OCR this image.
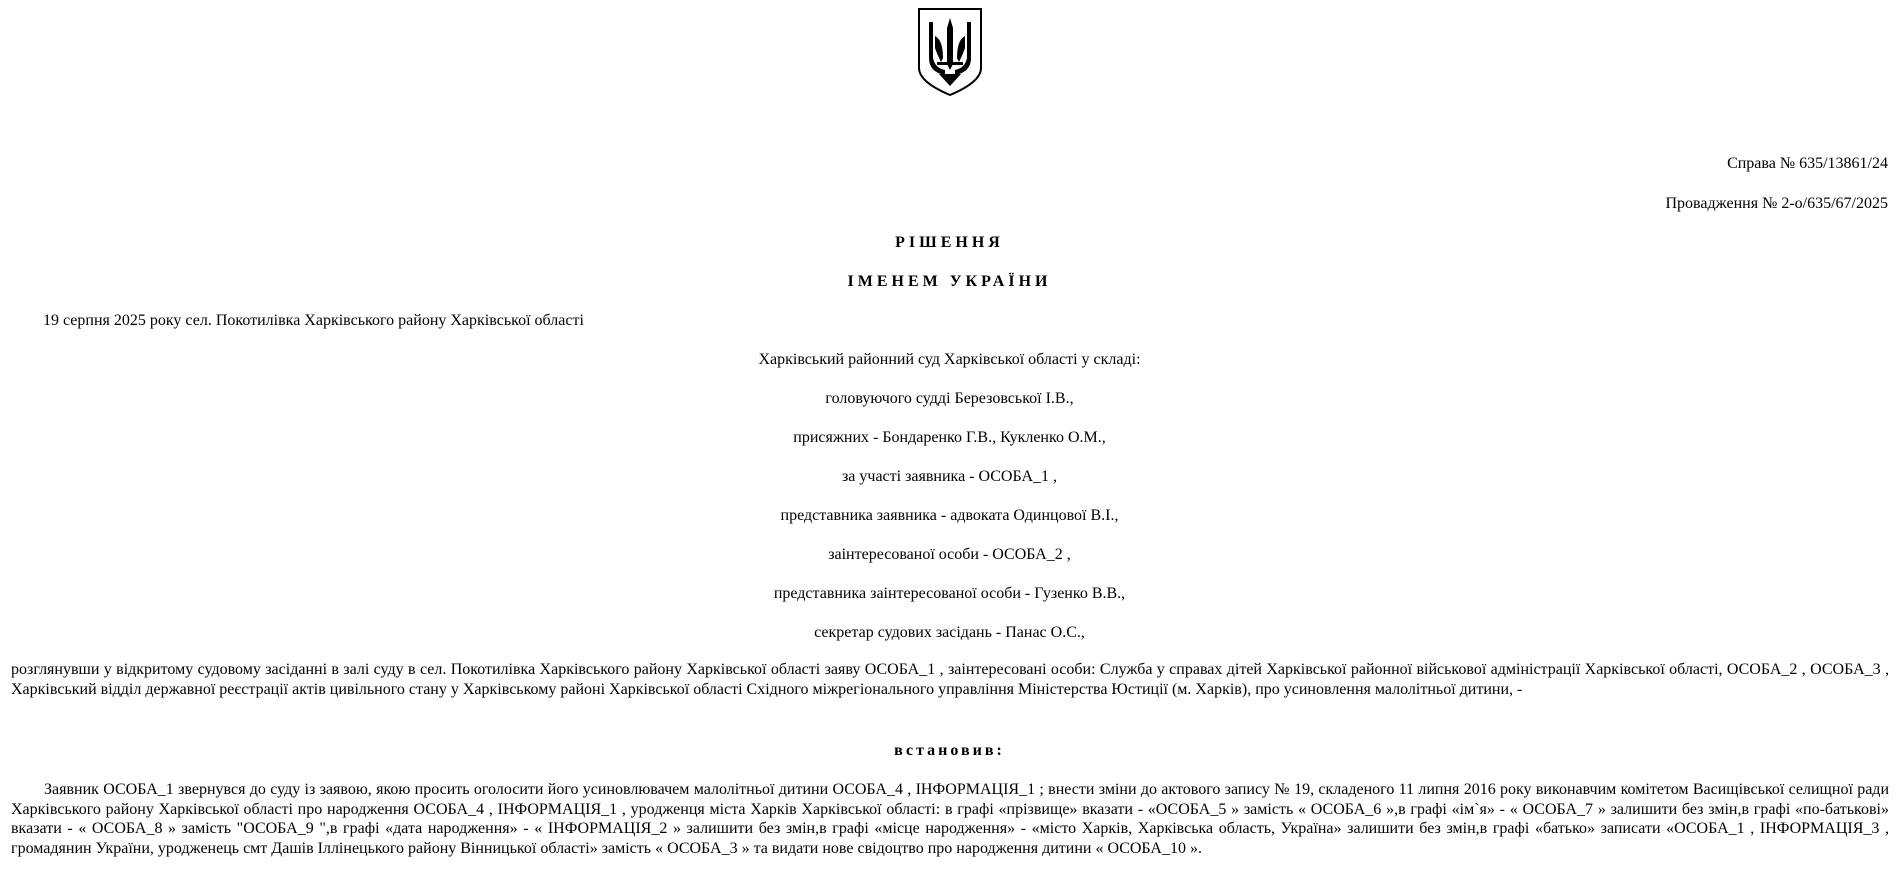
Справа № 635/13861/24
Провадження № 2-о/635/67/2025
РІШЕННЯ
ІМЕНЕМ УКРАЇНИ
19 серпня 2025 року сел. Покотилівка Харківського району Харківської області
Харківський районний суд Харківської області у складі:
головуючого судді Березовської І.В.,
присяжних - Бондаренко Г.В., Кукленко О.М.,
за участі заявника - ОСОБА_1 ,
представника заявника - адвоката Одинцової В.І.,
заінтересованої особи - ОСОБА_2 ,
представника заінтересованої особи - Гузенко В.В.,
секретар судових засідань - Панас О.С.,
розглянувши у відкритому судовому засіданні в залі суду в сел. Покотилівка Харківського району Харківської області заяву ОСОБА_1 , заінтересовані особи: Служба у справах дітей Харківської районної військової адміністрації Харківської області, ОСОБА_2 , ОСОБА_3 , Харківський відділ державної реєстрації актів цивільного стану у Харківському районі Харківської області Східного міжрегіонального управління Міністерства Юстиції (м. Харків), про усиновлення малолітньої дитини, -
встановив:
Заявник ОСОБА_1 звернувся до суду із заявою, якою просить оголосити його усиновлювачем малолітньої дитини ОСОБА_4 , ІНФОРМАЦІЯ_1 ; внести зміни до актового запису № 19, складеного 11 липня 2016 року виконавчим комітетом Васищівської селищної ради Харківського району Харківської області про народження ОСОБА_4 , ІНФОРМАЦІЯ_1 , уродженця міста Харків Харківської області: в графі «прізвище» вказати - «ОСОБА_5 » замість « ОСОБА_6 »,в графі «ім`я» - « ОСОБА_7 » залишити без змін,в графі «по-батькові» вказати - « ОСОБА_8 » замість "ОСОБА_9 ",в графі «дата народження» - « ІНФОРМАЦІЯ_2 » залишити без змін,в графі «місце народження» - «місто Харків, Харківська область, Україна» залишити без змін,в графі «батько» записати «ОСОБА_1 , ІНФОРМАЦІЯ_3 , громадянин України, уродженець смт Дашів Іллінецького району Вінницької області» замість « ОСОБА_3 » та видати нове свідоцтво про народження дитини « ОСОБА_10 ».
